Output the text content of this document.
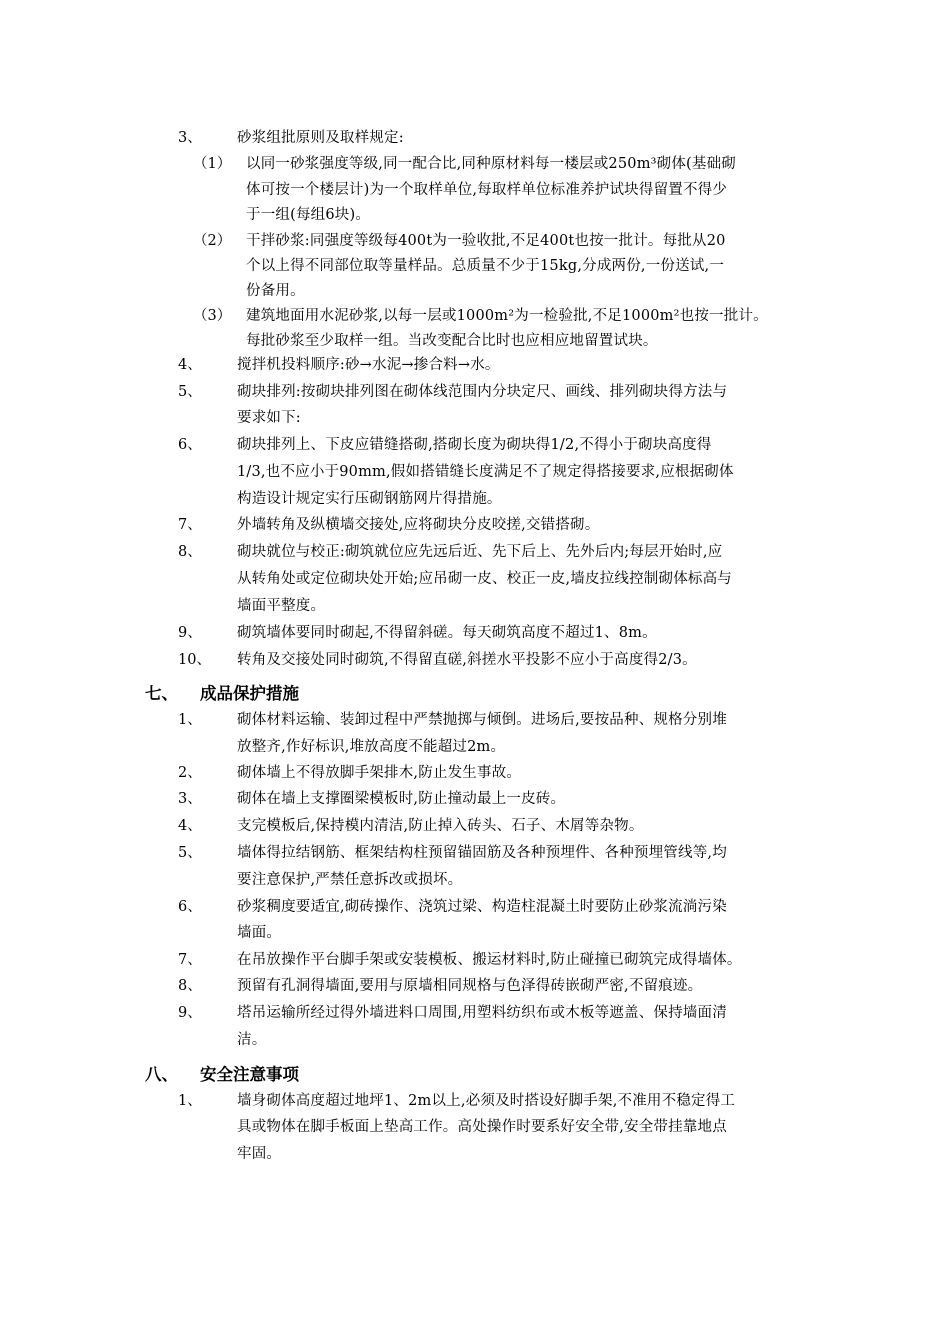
3、 砂浆组批原则及取样规定:
（1） 以同一砂浆强度等级,同一配合比,同种原材料每一楼层或250m³砌体(基础砌
体可按一个楼层计)为一个取样单位,每取样单位标准养护试块得留置不得少
于一组(每组6块)。
（2） 干拌砂浆:同强度等级每400t为一验收批,不足400t也按一批计。每批从20
个以上得不同部位取等量样品。总质量不少于15kg,分成两份,一份送试,一
份备用。
（3） 建筑地面用水泥砂浆,以每一层或1000m²为一检验批,不足1000m²也按一批计。
每批砂浆至少取样一组。当改变配合比时也应相应地留置试块。
4、 搅拌机投料顺序:砂→水泥→掺合料→水。
5、 砌块排列:按砌块排列图在砌体线范围内分块定尺、画线、排列砌块得方法与
要求如下:
6、 砌块排列上、下皮应错缝搭砌,搭砌长度为砌块得1/2,不得小于砌块高度得
1/3,也不应小于90mm,假如搭错缝长度满足不了规定得搭接要求,应根据砌体
构造设计规定实行压砌钢筋网片得措施。
7、 外墙转角及纵横墙交接处,应将砌块分皮咬搓,交错搭砌。
8、 砌块就位与校正:砌筑就位应先远后近、先下后上、先外后内;每层开始时,应
从转角处或定位砌块处开始;应吊砌一皮、校正一皮,墙皮拉线控制砌体标高与
墙面平整度。
9、 砌筑墙体要同时砌起,不得留斜磋。每天砌筑高度不超过1、8m。
10、 转角及交接处同时砌筑,不得留直磋,斜搓水平投影不应小于高度得2/3。
七、 成品保护措施
1、 砌体材料运输、装卸过程中严禁抛掷与倾倒。进场后,要按品种、规格分别堆
放整齐,作好标识,堆放高度不能超过2m。
2、 砌体墙上不得放脚手架排木,防止发生事故。
3、 砌体在墙上支撑圈梁模板时,防止撞动最上一皮砖。
4、 支完模板后,保持模内清洁,防止掉入砖头、石子、木屑等杂物。
5、 墙体得拉结钢筋、框架结构柱预留锚固筋及各种预埋件、各种预埋管线等,均
要注意保护,严禁任意拆改或损坏。
6、 砂浆稠度要适宜,砌砖操作、浇筑过梁、构造柱混凝土时要防止砂浆流淌污染
墙面。
7、 在吊放操作平台脚手架或安装模板、搬运材料时,防止碰撞已砌筑完成得墙体。
8、 预留有孔洞得墙面,要用与原墙相同规格与色泽得砖嵌砌严密,不留痕迹。
9、 塔吊运输所经过得外墙进料口周围,用塑料纺织布或木板等遮盖、保持墙面清
洁。
八、 安全注意事项
1、 墙身砌体高度超过地坪1、2m以上,必须及时搭设好脚手架,不准用不稳定得工
具或物体在脚手板面上垫高工作。高处操作时要系好安全带,安全带挂靠地点
牢固。
